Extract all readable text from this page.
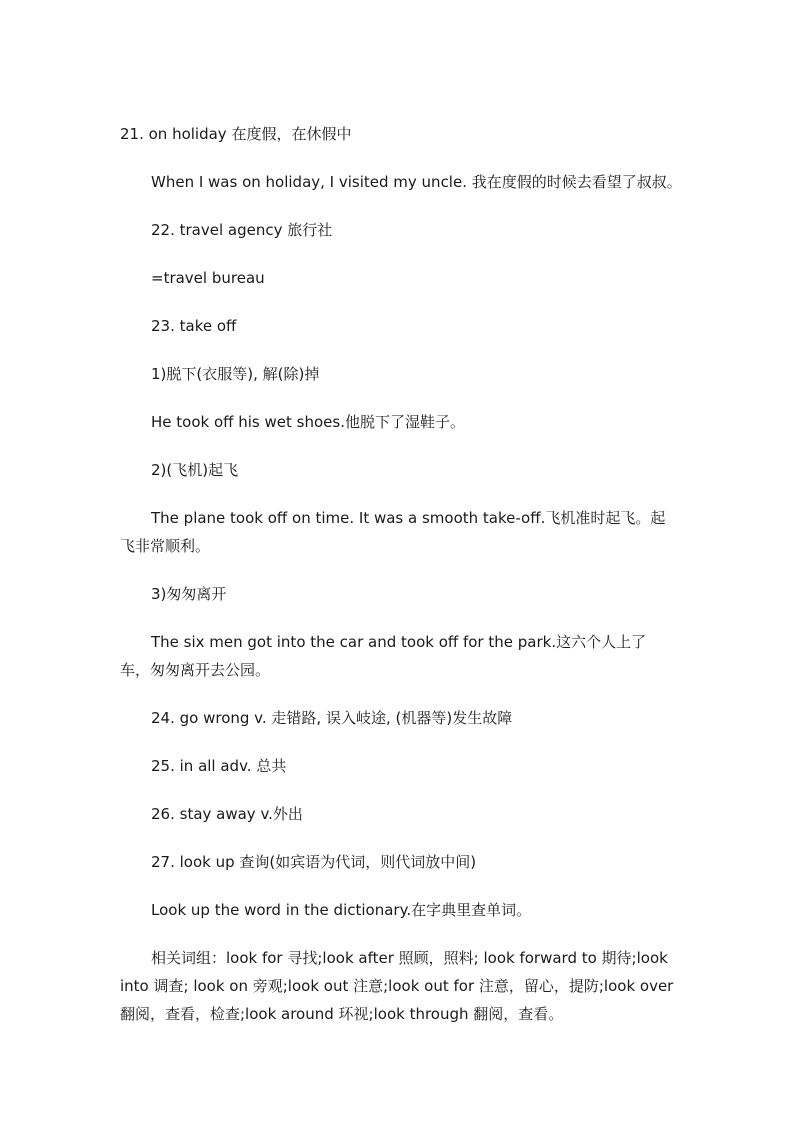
21. on holiday 在度假，在休假中
When I was on holiday, I visited my uncle. 我在度假的时候去看望了叔叔。
22. travel agency 旅行社
=travel bureau
23. take off
1)脱下(衣服等), 解(除)掉
He took off his wet shoes.他脱下了湿鞋子。
2)(飞机)起飞
The plane took off on time. It was a smooth take-off.飞机准时起飞。起飞非常顺利。
3)匆匆离开
The six men got into the car and took off for the park.这六个人上了车，匆匆离开去公园。
24. go wrong v. 走错路, 误入岐途, (机器等)发生故障
25. in all adv. 总共
26. stay away v.外出
27. look up 查询(如宾语为代词，则代词放中间)
Look up the word in the dictionary.在字典里查单词。
相关词组：look for 寻找;look after 照顾，照料; look forward to 期待;look into 调查; look on 旁观;look out 注意;look out for 注意，留心，提防;look over 翻阅，查看，检查;look around 环视;look through 翻阅，查看。
